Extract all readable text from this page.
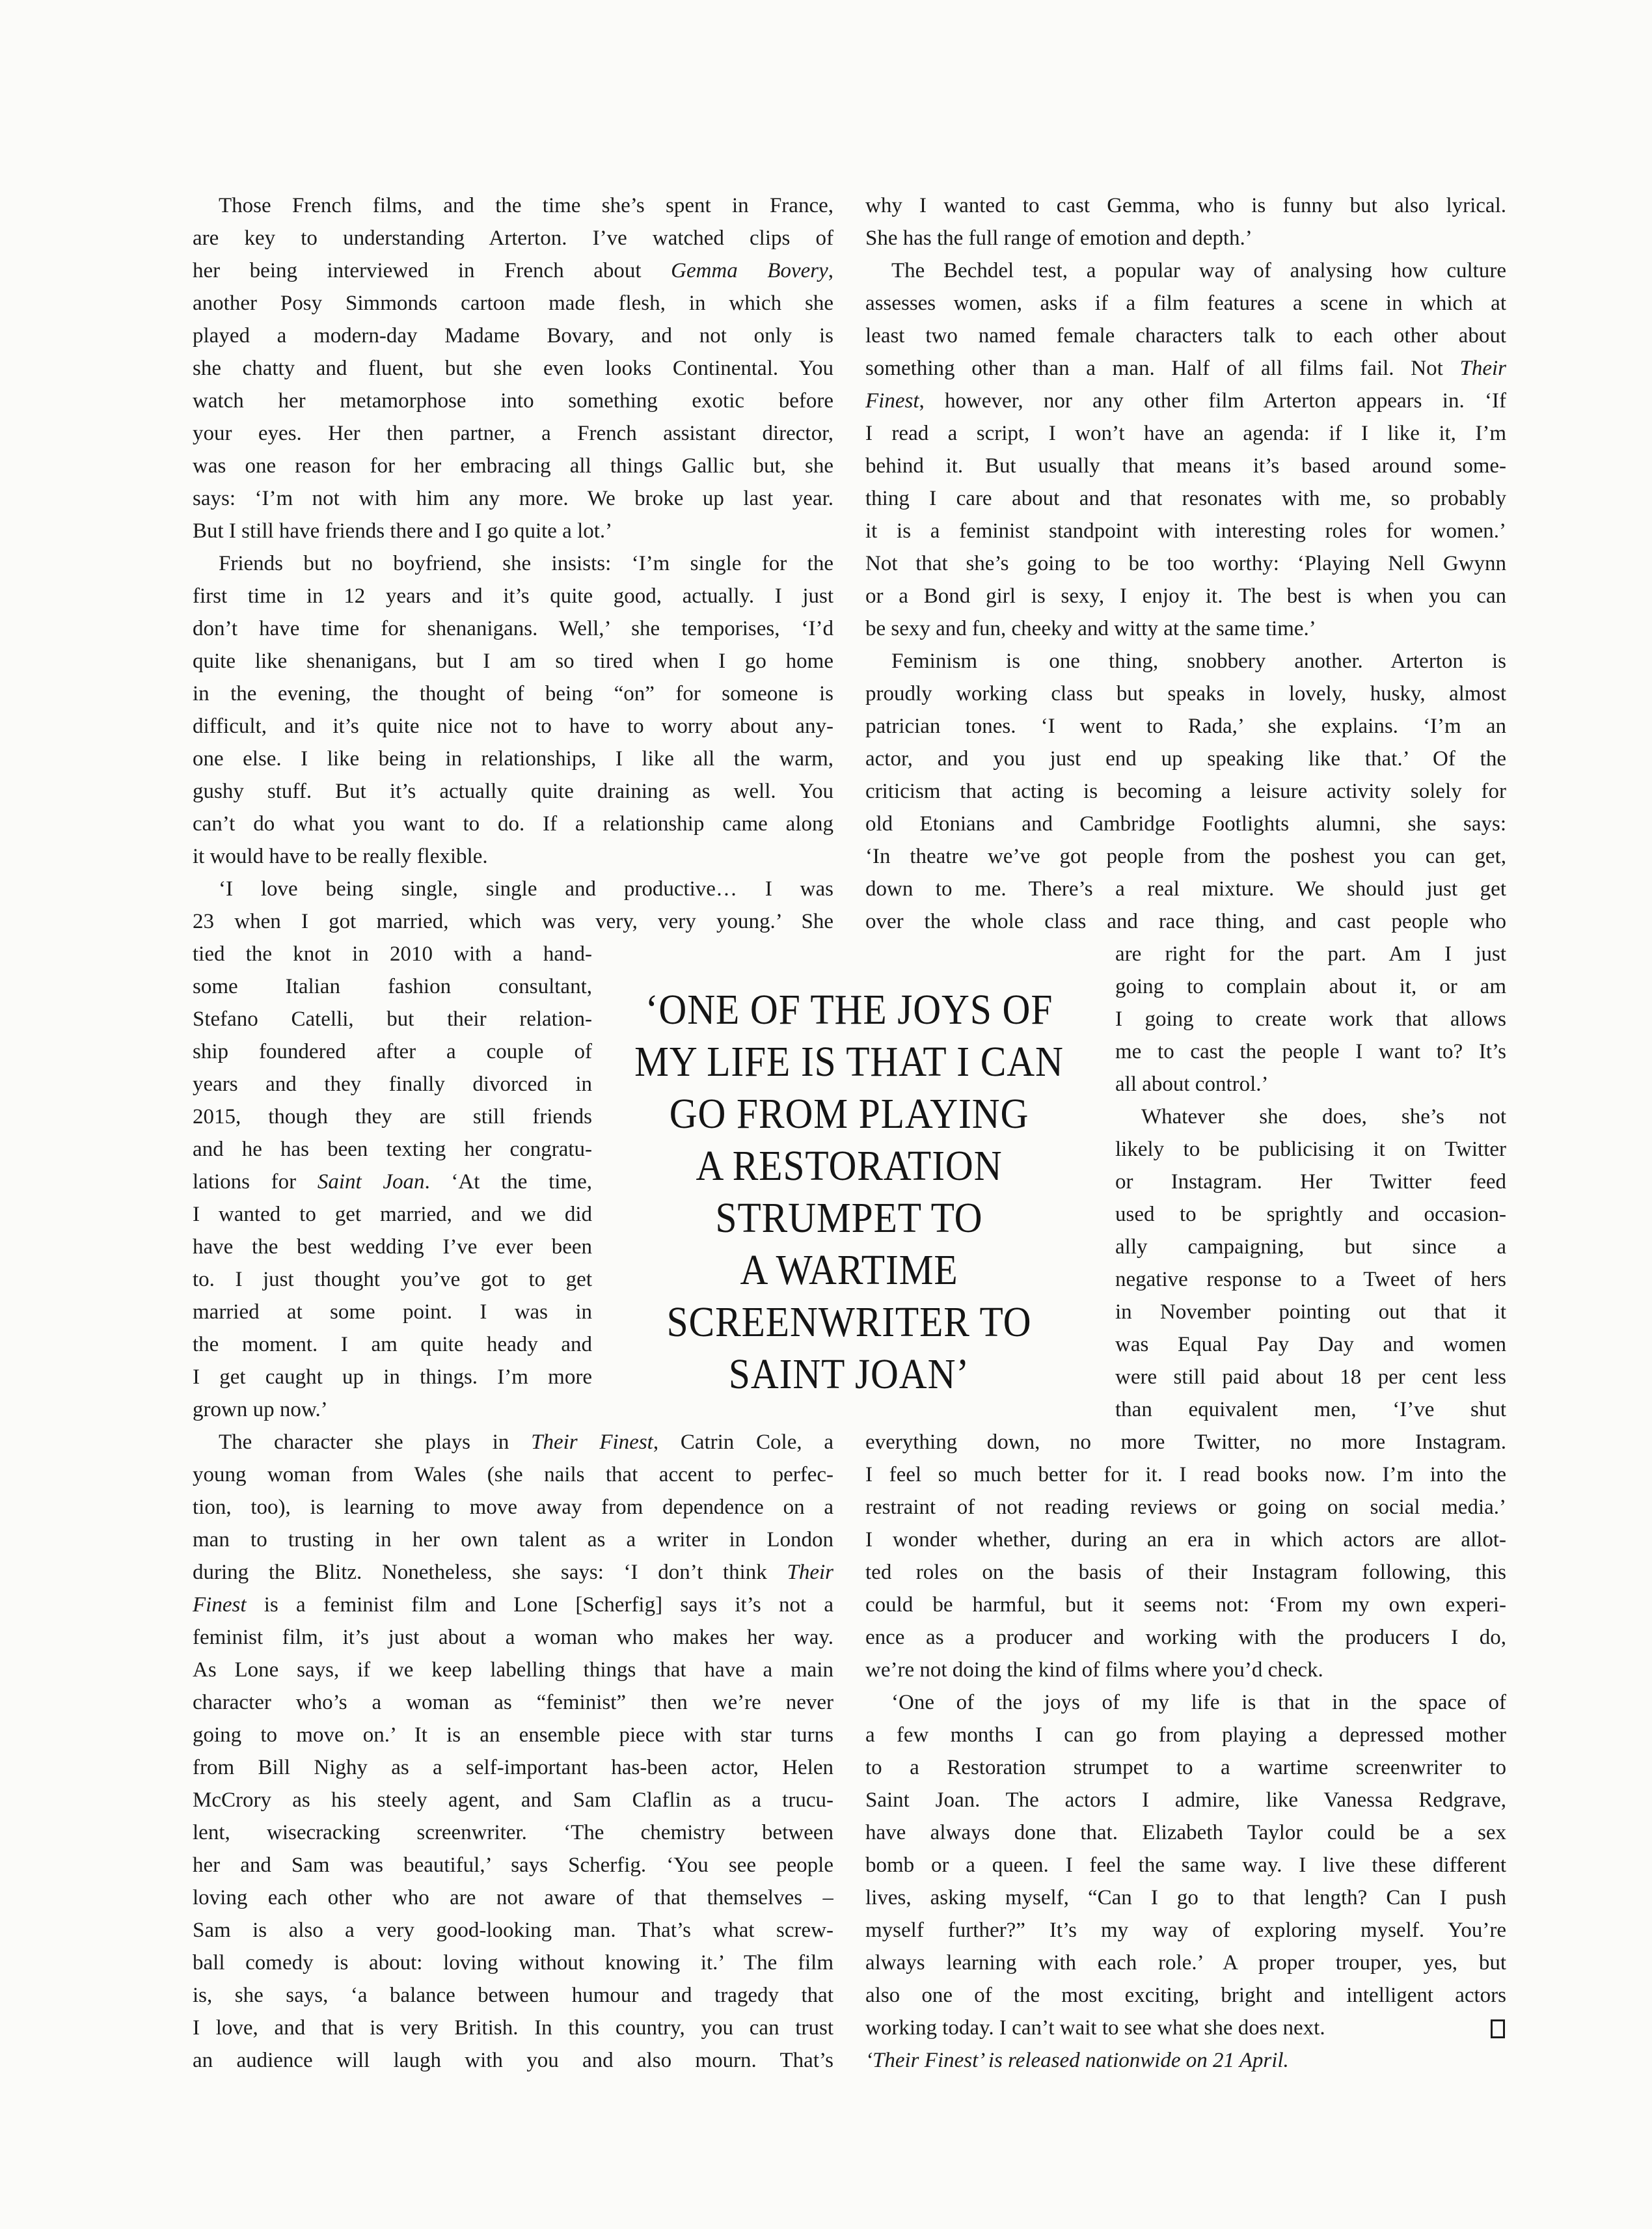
Those French films, and the time she’s spent in France,
are key to understanding Arterton. I’ve watched clips of
her being interviewed in French about Gemma Bovery,
another Posy Simmonds cartoon made flesh, in which she
played a modern-day Madame Bovary, and not only is
she chatty and fluent, but she even looks Continental. You
watch her metamorphose into something exotic before
your eyes. Her then partner, a French assistant director,
was one reason for her embracing all things Gallic but, she
says: ‘I’m not with him any more. We broke up last year.
But I still have friends there and I go quite a lot.’
Friends but no boyfriend, she insists: ‘I’m single for the
first time in 12 years and it’s quite good, actually. I just
don’t have time for shenanigans. Well,’ she temporises, ‘I’d
quite like shenanigans, but I am so tired when I go home
in the evening, the thought of being “on” for someone is
difficult, and it’s quite nice not to have to worry about any-
one else. I like being in relationships, I like all the warm,
gushy stuff. But it’s actually quite draining as well. You
can’t do what you want to do. If a relationship came along
it would have to be really flexible.
‘I love being single, single and productive… I was
23 when I got married, which was very, very young.’ She
tied the knot in 2010 with a hand-
some Italian fashion consultant,
Stefano Catelli, but their relation-
ship foundered after a couple of
years and they finally divorced in
2015, though they are still friends
and he has been texting her congratu-
lations for Saint Joan. ‘At the time,
I wanted to get married, and we did
have the best wedding I’ve ever been
to. I just thought you’ve got to get
married at some point. I was in
the moment. I am quite heady and
I get caught up in things. I’m more
grown up now.’
The character she plays in Their Finest, Catrin Cole, a
young woman from Wales (she nails that accent to perfec-
tion, too), is learning to move away from dependence on a
man to trusting in her own talent as a writer in London
during the Blitz. Nonetheless, she says: ‘I don’t think Their
Finest is a feminist film and Lone [Scherfig] says it’s not a
feminist film, it’s just about a woman who makes her way.
As Lone says, if we keep labelling things that have a main
character who’s a woman as “feminist” then we’re never
going to move on.’ It is an ensemble piece with star turns
from Bill Nighy as a self-important has-been actor, Helen
McCrory as his steely agent, and Sam Claflin as a trucu-
lent, wisecracking screenwriter. ‘The chemistry between
her and Sam was beautiful,’ says Scherfig. ‘You see people
loving each other who are not aware of that themselves –
Sam is also a very good-looking man. That’s what screw-
ball comedy is about: loving without knowing it.’ The film
is, she says, ‘a balance between humour and tragedy that
I love, and that is very British. In this country, you can trust
an audience will laugh with you and also mourn. That’s
‘ONE OF THE JOYS OF
MY LIFE IS THAT I CAN
GO FROM PLAYING
A RESTORATION
STRUMPET TO
A WARTIME
SCREENWRITER TO
SAINT JOAN’
why I wanted to cast Gemma, who is funny but also lyrical.
She has the full range of emotion and depth.’
The Bechdel test, a popular way of analysing how culture
assesses women, asks if a film features a scene in which at
least two named female characters talk to each other about
something other than a man. Half of all films fail. Not Their
Finest, however, nor any other film Arterton appears in. ‘If
I read a script, I won’t have an agenda: if I like it, I’m
behind it. But usually that means it’s based around some-
thing I care about and that resonates with me, so probably
it is a feminist standpoint with interesting roles for women.’
Not that she’s going to be too worthy: ‘Playing Nell Gwynn
or a Bond girl is sexy, I enjoy it. The best is when you can
be sexy and fun, cheeky and witty at the same time.’
Feminism is one thing, snobbery another. Arterton is
proudly working class but speaks in lovely, husky, almost
patrician tones. ‘I went to Rada,’ she explains. ‘I’m an
actor, and you just end up speaking like that.’ Of the
criticism that acting is becoming a leisure activity solely for
old Etonians and Cambridge Footlights alumni, she says:
‘In theatre we’ve got people from the poshest you can get,
down to me. There’s a real mixture. We should just get
over the whole class and race thing, and cast people who
are right for the part. Am I just
going to complain about it, or am
I going to create work that allows
me to cast the people I want to? It’s
all about control.’
Whatever she does, she’s not
likely to be publicising it on Twitter
or Instagram. Her Twitter feed
used to be sprightly and occasion-
ally campaigning, but since a
negative response to a Tweet of hers
in November pointing out that it
was Equal Pay Day and women
were still paid about 18 per cent less
than equivalent men, ‘I’ve shut
everything down, no more Twitter, no more Instagram.
I feel so much better for it. I read books now. I’m into the
restraint of not reading reviews or going on social media.’
I wonder whether, during an era in which actors are allot-
ted roles on the basis of their Instagram following, this
could be harmful, but it seems not: ‘From my own experi-
ence as a producer and working with the producers I do,
we’re not doing the kind of films where you’d check.
‘One of the joys of my life is that in the space of
a few months I can go from playing a depressed mother
to a Restoration strumpet to a wartime screenwriter to
Saint Joan. The actors I admire, like Vanessa Redgrave,
have always done that. Elizabeth Taylor could be a sex
bomb or a queen. I feel the same way. I live these different
lives, asking myself, “Can I go to that length? Can I push
myself further?” It’s my way of exploring myself. You’re
always learning with each role.’ A proper trouper, yes, but
also one of the most exciting, bright and intelligent actors
working today. I can’t wait to see what she does next.
‘Their Finest’ is released nationwide on 21 April.
